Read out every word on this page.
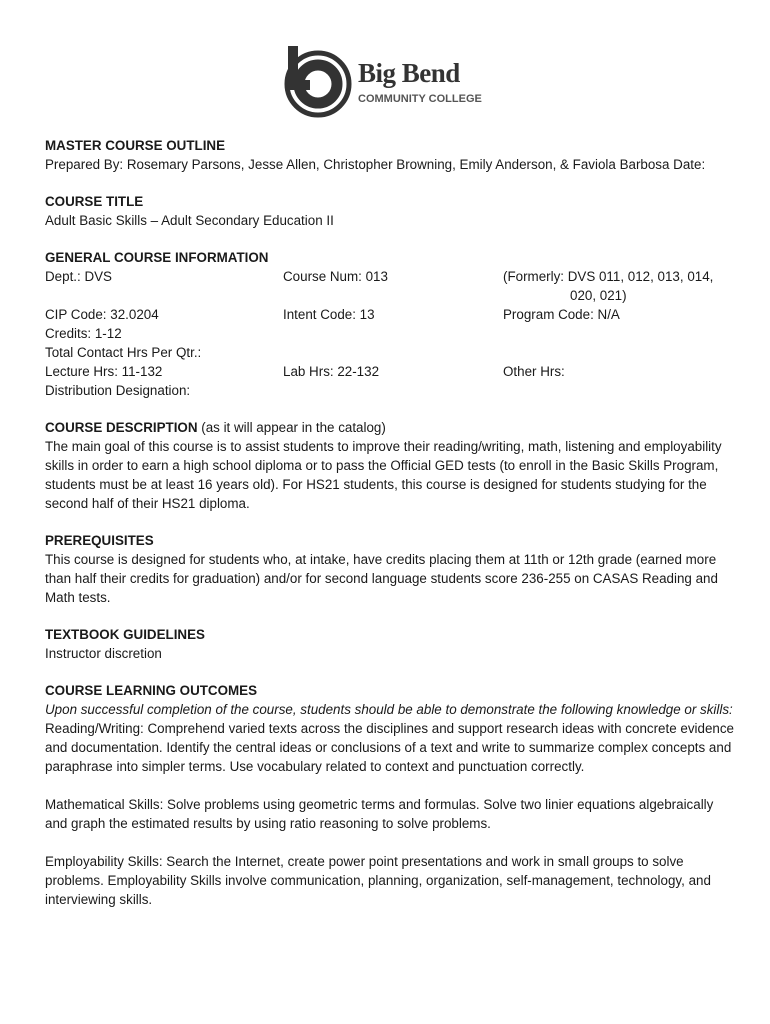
Big Bend
COMMUNITY COLLEGE

MASTER COURSE OUTLINE

Prepared By: Rosemary Parsons, Jesse Allen, Christopher Browning, Emily Anderson, & Faviola Barbosa Date:

COURSE TITLE

Adult Basic Skills – Adult Secondary Education II

GENERAL COURSE INFORMATION

Dept.: DVS	Course Num: 013	(Formerly: DVS 011, 012, 013, 014,
020, 021)
CIP Code: 32.0204	Intent Code: 13	Program Code: N/A

Credits: 1-12

Total Contact Hrs Per Qtr.:

Lecture Hrs: 11-132	Lab Hrs: 22-132	Other Hrs:

Distribution Designation:

COURSE DESCRIPTION (as it will appear in the catalog)

The main goal of this course is to assist students to improve their reading/writing, math, listening and employability skills in order to earn a high school diploma or to pass the Official GED tests (to enroll in the Basic Skills Program, students must be at least 16 years old). For HS21 students, this course is designed for students studying for the second half of their HS21 diploma.

PREREQUISITES

This course is designed for students who, at intake, have credits placing them at 11th or 12th grade (earned more than half their credits for graduation) and/or for second language students score 236-255 on CASAS Reading and Math tests.

TEXTBOOK GUIDELINES

Instructor discretion

COURSE LEARNING OUTCOMES

Upon successful completion of the course, students should be able to demonstrate the following knowledge or skills:

Reading/Writing: Comprehend varied texts across the disciplines and support research ideas with concrete evidence and documentation. Identify the central ideas or conclusions of a text and write to summarize complex concepts and paraphrase into simpler terms. Use vocabulary related to context and punctuation correctly.

Mathematical Skills: Solve problems using geometric terms and formulas. Solve two linier equations algebraically and graph the estimated results by using ratio reasoning to solve problems.

Employability Skills: Search the Internet, create power point presentations and work in small groups to solve problems. Employability Skills involve communication, planning, organization, self-management, technology, and interviewing skills.
